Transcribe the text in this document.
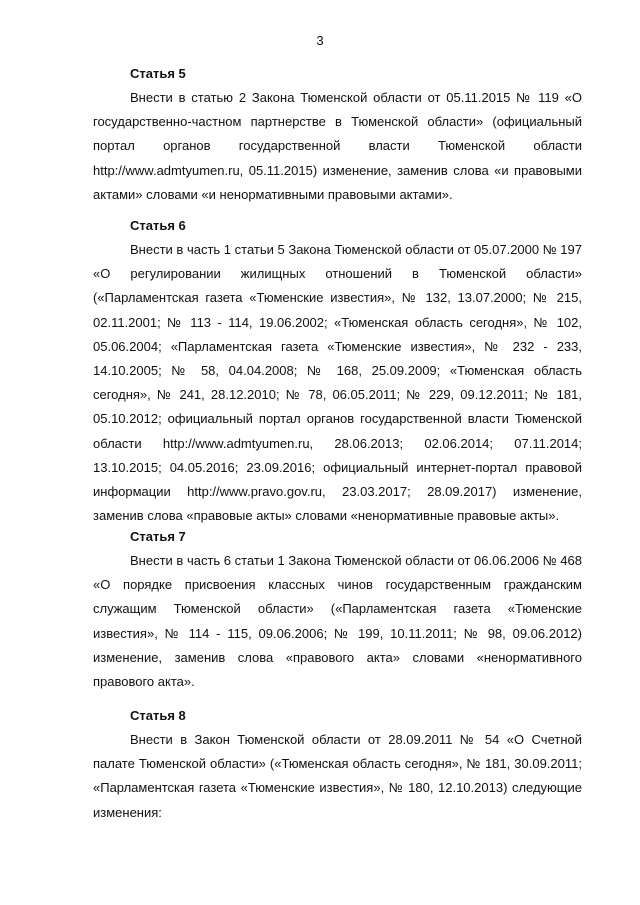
3
Статья 5

Внести в статью 2 Закона Тюменской области от 05.11.2015 № 119 «О государственно-частном партнерстве в Тюменской области» (официальный портал органов государственной власти Тюменской области http://www.admtyumen.ru, 05.11.2015) изменение, заменив слова «и правовыми актами» словами «и ненормативными правовыми актами».

Статья 6

Внести в часть 1 статьи 5 Закона Тюменской области от 05.07.2000 № 197 «О регулировании жилищных отношений в Тюменской области» («Парламентская газета «Тюменские известия», № 132, 13.07.2000; № 215, 02.11.2001; № 113 - 114, 19.06.2002; «Тюменская область сегодня», № 102, 05.06.2004; «Парламентская газета «Тюменские известия», № 232 - 233, 14.10.2005; № 58, 04.04.2008; № 168, 25.09.2009; «Тюменская область сегодня», № 241, 28.12.2010; № 78, 06.05.2011; № 229, 09.12.2011; № 181, 05.10.2012; официальный портал органов государственной власти Тюменской области http://www.admtyumen.ru, 28.06.2013; 02.06.2014; 07.11.2014; 13.10.2015; 04.05.2016; 23.09.2016; официальный интернет-портал правовой информации http://www.pravo.gov.ru, 23.03.2017; 28.09.2017) изменение, заменив слова «правовые акты» словами «ненормативные правовые акты».

Статья 7

Внести в часть 6 статьи 1 Закона Тюменской области от 06.06.2006 № 468 «О порядке присвоения классных чинов государственным гражданским служащим Тюменской области» («Парламентская газета «Тюменские известия», № 114 - 115, 09.06.2006; № 199, 10.11.2011; № 98, 09.06.2012) изменение, заменив слова «правового акта» словами «ненормативного правового акта».

Статья 8

Внести в Закон Тюменской области от 28.09.2011 № 54 «О Счетной палате Тюменской области» («Тюменская область сегодня», № 181, 30.09.2011; «Парламентская газета «Тюменские известия», № 180, 12.10.2013) следующие изменения:
